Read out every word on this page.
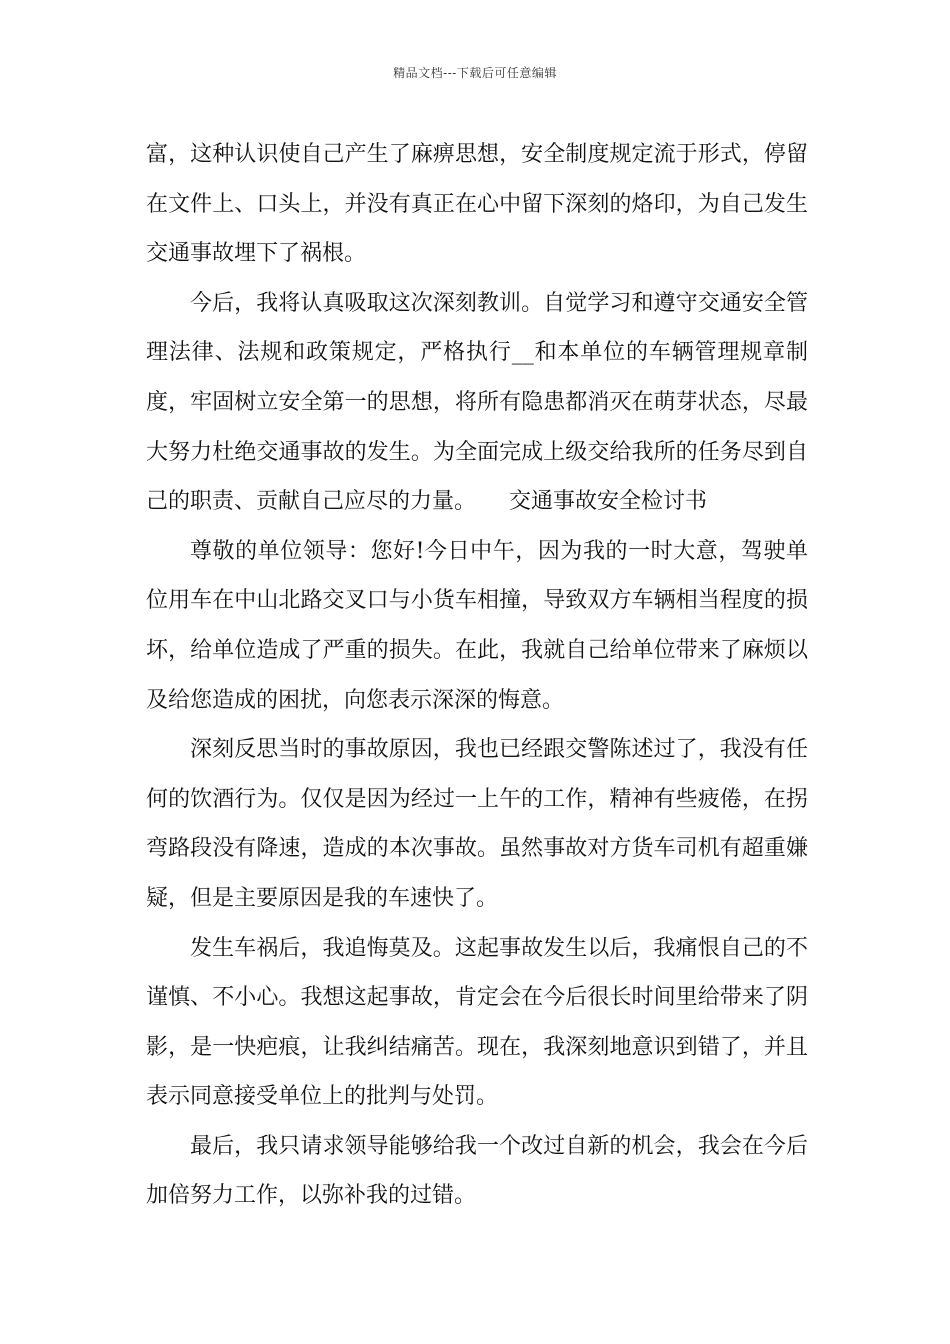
精品文档---下载后可任意编辑

富，这种认识使自己产生了麻痹思想，安全制度规定流于形式，停留在文件上、口头上，并没有真正在心中留下深刻的烙印，为自己发生交通事故埋下了祸根。

今后，我将认真吸取这次深刻教训。自觉学习和遵守交通安全管理法律、法规和政策规定，严格执行__和本单位的车辆管理规章制度，牢固树立安全第一的思想，将所有隐患都消灭在萌芽状态，尽最大努力杜绝交通事故的发生。为全面完成上级交给我所的任务尽到自己的职责、贡献自己应尽的力量。　　交通事故安全检讨书

尊敬的单位领导：您好!今日中午，因为我的一时大意，驾驶单位用车在中山北路交叉口与小货车相撞，导致双方车辆相当程度的损坏，给单位造成了严重的损失。在此，我就自己给单位带来了麻烦以及给您造成的困扰，向您表示深深的悔意。

深刻反思当时的事故原因，我也已经跟交警陈述过了，我没有任何的饮酒行为。仅仅是因为经过一上午的工作，精神有些疲倦，在拐弯路段没有降速，造成的本次事故。虽然事故对方货车司机有超重嫌疑，但是主要原因是我的车速快了。

发生车祸后，我追悔莫及。这起事故发生以后，我痛恨自己的不谨慎、不小心。我想这起事故，肯定会在今后很长时间里给带来了阴影，是一快疤痕，让我纠结痛苦。现在，我深刻地意识到错了，并且表示同意接受单位上的批判与处罚。

最后，我只请求领导能够给我一个改过自新的机会，我会在今后加倍努力工作，以弥补我的过错。
